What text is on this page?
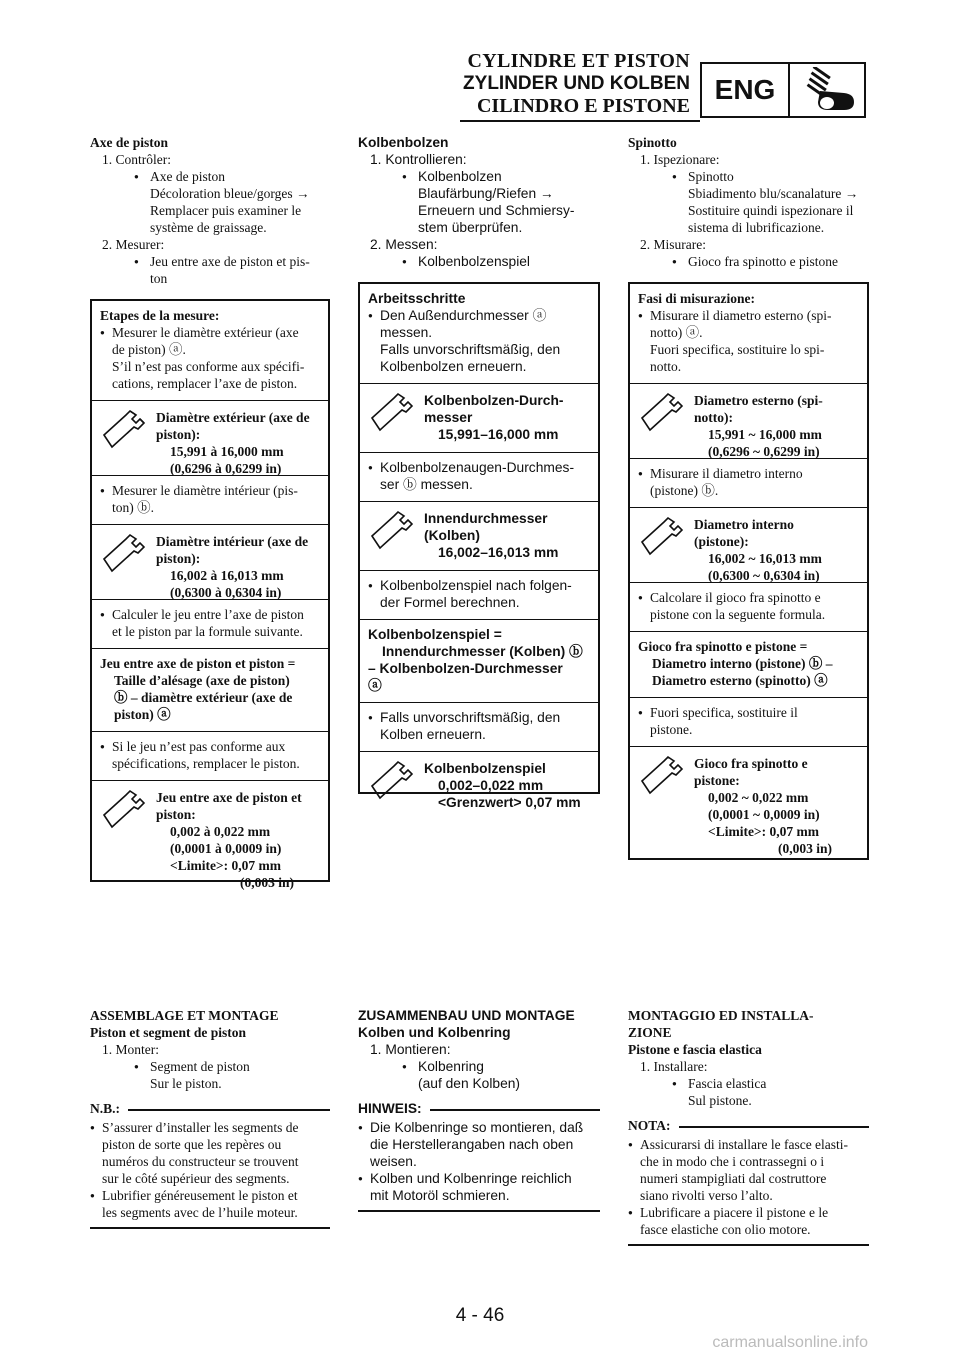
CYLINDRE ET PISTON
ZYLINDER UND KOLBEN
CILINDRO E PISTONE
ENG
Axe de piston
1. Contrôler:
● Axe de piston
Décoloration bleue/gorges →
Remplacer puis examiner le
système de graissage.
2. Mesurer:
● Jeu entre axe de piston et pis-
ton
Etapes de la mesure:
● Mesurer le diamètre extérieur (axe
de piston) ⓐ.
S’il n’est pas conforme aux spécifi-
cations, remplacer l’axe de piston.
Diamètre extérieur (axe de
piston):
15,991 à 16,000 mm
(0,6296 à 0,6299 in)
● Mesurer le diamètre intérieur (pis-
ton) ⓑ.
Diamètre intérieur (axe de
piston):
16,002 à 16,013 mm
(0,6300 à 0,6304 in)
● Calculer le jeu entre l’axe de piston
et le piston par la formule suivante.
Jeu entre axe de piston et piston =
Taille d’alésage (axe de piston)
ⓑ – diamètre extérieur (axe de
piston) ⓐ
● Si le jeu n’est pas conforme aux
spécifications, remplacer le piston.
Jeu entre axe de piston et
piston:
0,002 à 0,022 mm
(0,0001 à 0,0009 in)
<Limite>: 0,07 mm
(0,003 in)
ASSEMBLAGE ET MONTAGE
Piston et segment de piston
1. Monter:
● Segment de piston
Sur le piston.
N.B.:
● S’assurer d’installer les segments de
piston de sorte que les repères ou
numéros du constructeur se trouvent
sur le côté supérieur des segments.
● Lubrifier généreusement le piston et
les segments avec de l’huile moteur.
Kolbenbolzen
1. Kontrollieren:
● Kolbenbolzen
Blaufärbung/Riefen →
Erneuern und Schmiersy-
stem überprüfen.
2. Messen:
● Kolbenbolzenspiel
Arbeitsschritte
● Den Außendurchmesser ⓐ
messen.
Falls unvorschriftsmäßig, den
Kolbenbolzen erneuern.
Kolbenbolzen-Durch-
messer
15,991–16,000 mm
● Kolbenbolzenaugen-Durchmes-
ser ⓑ messen.
Innendurchmesser
(Kolben)
16,002–16,013 mm
● Kolbenbolzenspiel nach folgen-
der Formel berechnen.
Kolbenbolzenspiel =
Innendurchmesser (Kolben) ⓑ
– Kolbenbolzen-Durchmesser
ⓐ
● Falls unvorschriftsmäßig, den
Kolben erneuern.
Kolbenbolzenspiel
0,002–0,022 mm
<Grenzwert> 0,07 mm
ZUSAMMENBAU UND MONTAGE
Kolben und Kolbenring
1. Montieren:
● Kolbenring
(auf den Kolben)
HINWEIS:
● Die Kolbenringe so montieren, daß
die Herstellerangaben nach oben
weisen.
● Kolben und Kolbenringe reichlich
mit Motoröl schmieren.
Spinotto
1. Ispezionare:
● Spinotto
Sbiadimento blu/scanalature →
Sostituire quindi ispezionare il
sistema di lubrificazione.
2. Misurare:
● Gioco fra spinotto e pistone
Fasi di misurazione:
● Misurare il diametro esterno (spi-
notto) ⓐ.
Fuori specifica, sostituire lo spi-
notto.
Diametro esterno (spi-
notto):
15,991 ~ 16,000 mm
(0,6296 ~ 0,6299 in)
● Misurare il diametro interno
(pistone) ⓑ.
Diametro interno
(pistone):
16,002 ~ 16,013 mm
(0,6300 ~ 0,6304 in)
● Calcolare il gioco fra spinotto e
pistone con la seguente formula.
Gioco fra spinotto e pistone =
Diametro interno (pistone) ⓑ –
Diametro esterno (spinotto) ⓐ
● Fuori specifica, sostituire il
pistone.
Gioco fra spinotto e
pistone:
0,002 ~ 0,022 mm
(0,0001 ~ 0,0009 in)
<Limite>: 0,07 mm
(0,003 in)
MONTAGGIO ED INSTALLA-
ZIONE
Pistone e fascia elastica
1. Installare:
● Fascia elastica
Sul pistone.
NOTA:
● Assicurarsi di installare le fasce elasti-
che in modo che i contrassegni o i
numeri stampigliati dal costruttore
siano rivolti verso l’alto.
● Lubrificare a piacere il pistone e le
fasce elastiche con olio motore.
4 - 46
carmanualsonline.info
